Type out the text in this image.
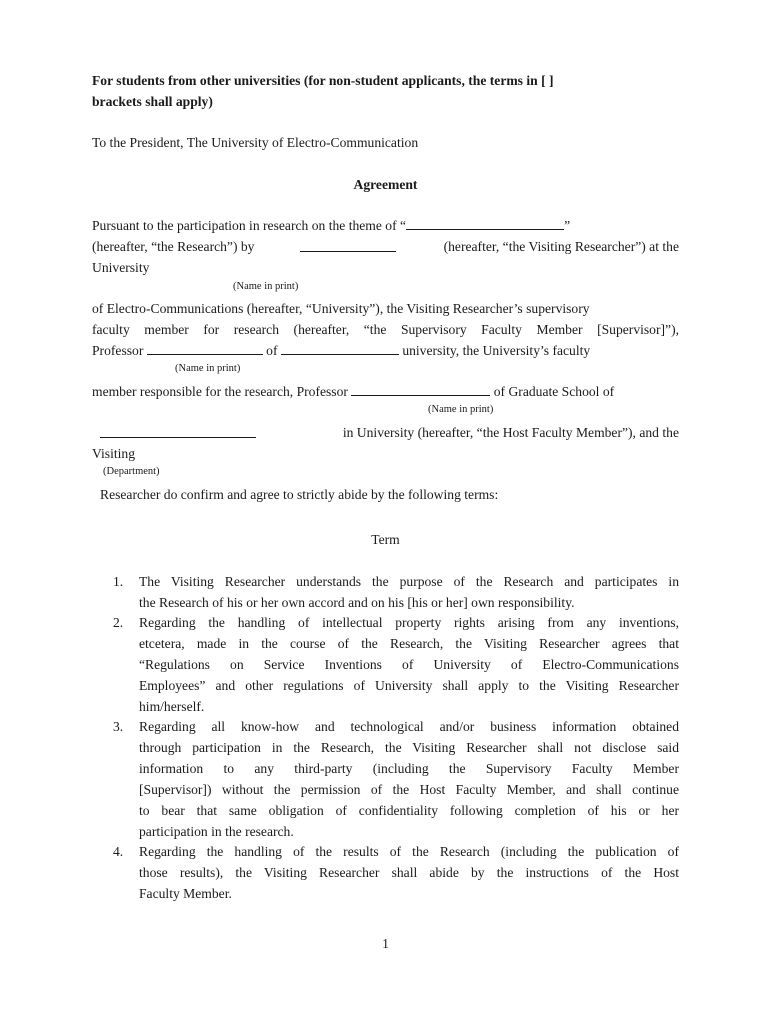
For students from other universities (for non-student applicants, the terms in [ ]
brackets shall apply)
To the President, The University of Electro-Communication
Agreement
Pursuant to the participation in research on the theme of “	”
(hereafter, “the Research”) by	(hereafter, “the Visiting Researcher”) at the
University
(Name in print)
of Electro-Communications (hereafter, “University”), the Visiting Researcher’s supervisory
faculty member for research (hereafter, “the Supervisory Faculty Member [Supervisor]”),
Professor	of	university, the University’s faculty
(Name in print)
member responsible for the research, Professor	of Graduate School of
(Name in print)
in University (hereafter, “the Host Faculty Member”), and the
Visiting
(Department)
Researcher do confirm and agree to strictly abide by the following terms:
Term
1. The Visiting Researcher understands the purpose of the Research and participates in
the Research of his or her own accord and on his [his or her] own responsibility.
2. Regarding the handling of intellectual property rights arising from any inventions,
etcetera, made in the course of the Research, the Visiting Researcher agrees that
“Regulations on Service Inventions of University of Electro-Communications
Employees” and other regulations of University shall apply to the Visiting Researcher
him/herself.
3. Regarding all know-how and technological and/or business information obtained
through participation in the Research, the Visiting Researcher shall not disclose said
information to any third-party (including the Supervisory Faculty Member
[Supervisor]) without the permission of the Host Faculty Member, and shall continue
to bear that same obligation of confidentiality following completion of his or her
participation in the research.
4. Regarding the handling of the results of the Research (including the publication of
those results), the Visiting Researcher shall abide by the instructions of the Host
Faculty Member.
1
